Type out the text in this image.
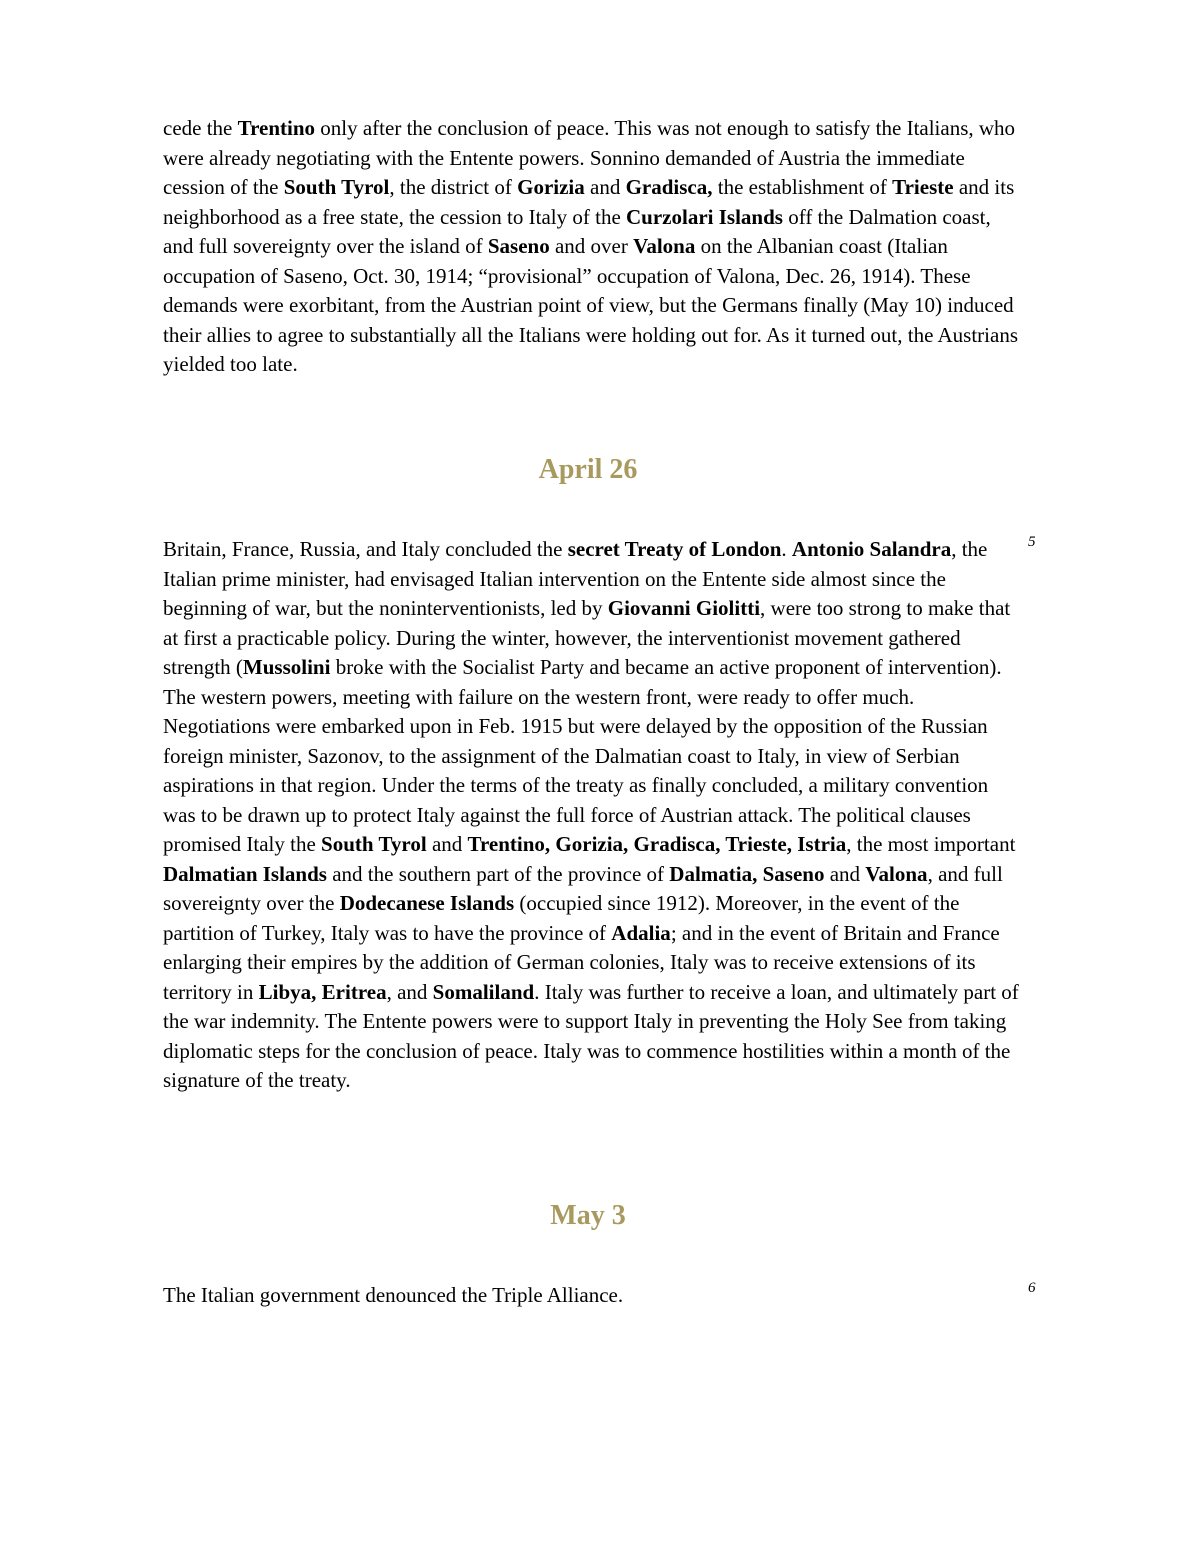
cede the Trentino only after the conclusion of peace. This was not enough to satisfy the Italians, who were already negotiating with the Entente powers. Sonnino demanded of Austria the immediate cession of the South Tyrol, the district of Gorizia and Gradisca, the establishment of Trieste and its neighborhood as a free state, the cession to Italy of the Curzolari Islands off the Dalmation coast, and full sovereignty over the island of Saseno and over Valona on the Albanian coast (Italian occupation of Saseno, Oct. 30, 1914; “provisional” occupation of Valona, Dec. 26, 1914). These demands were exorbitant, from the Austrian point of view, but the Germans finally (May 10) induced their allies to agree to substantially all the Italians were holding out for. As it turned out, the Austrians yielded too late.

April 26
5

Britain, France, Russia, and Italy concluded the secret Treaty of London. Antonio Salandra, the Italian prime minister, had envisaged Italian intervention on the Entente side almost since the beginning of war, but the noninterventionists, led by Giovanni Giolitti, were too strong to make that at first a practicable policy. During the winter, however, the interventionist movement gathered strength (Mussolini broke with the Socialist Party and became an active proponent of intervention). The western powers, meeting with failure on the western front, were ready to offer much. Negotiations were embarked upon in Feb. 1915 but were delayed by the opposition of the Russian foreign minister, Sazonov, to the assignment of the Dalmatian coast to Italy, in view of Serbian aspirations in that region. Under the terms of the treaty as finally concluded, a military convention was to be drawn up to protect Italy against the full force of Austrian attack. The political clauses promised Italy the South Tyrol and Trentino, Gorizia, Gradisca, Trieste, Istria, the most important Dalmatian Islands and the southern part of the province of Dalmatia, Saseno and Valona, and full sovereignty over the Dodecanese Islands (occupied since 1912). Moreover, in the event of the partition of Turkey, Italy was to have the province of Adalia; and in the event of Britain and France enlarging their empires by the addition of German colonies, Italy was to receive extensions of its territory in Libya, Eritrea, and Somaliland. Italy was further to receive a loan, and ultimately part of the war indemnity. The Entente powers were to support Italy in preventing the Holy See from taking diplomatic steps for the conclusion of peace. Italy was to commence hostilities within a month of the signature of the treaty.

May 3
6

The Italian government denounced the Triple Alliance.
